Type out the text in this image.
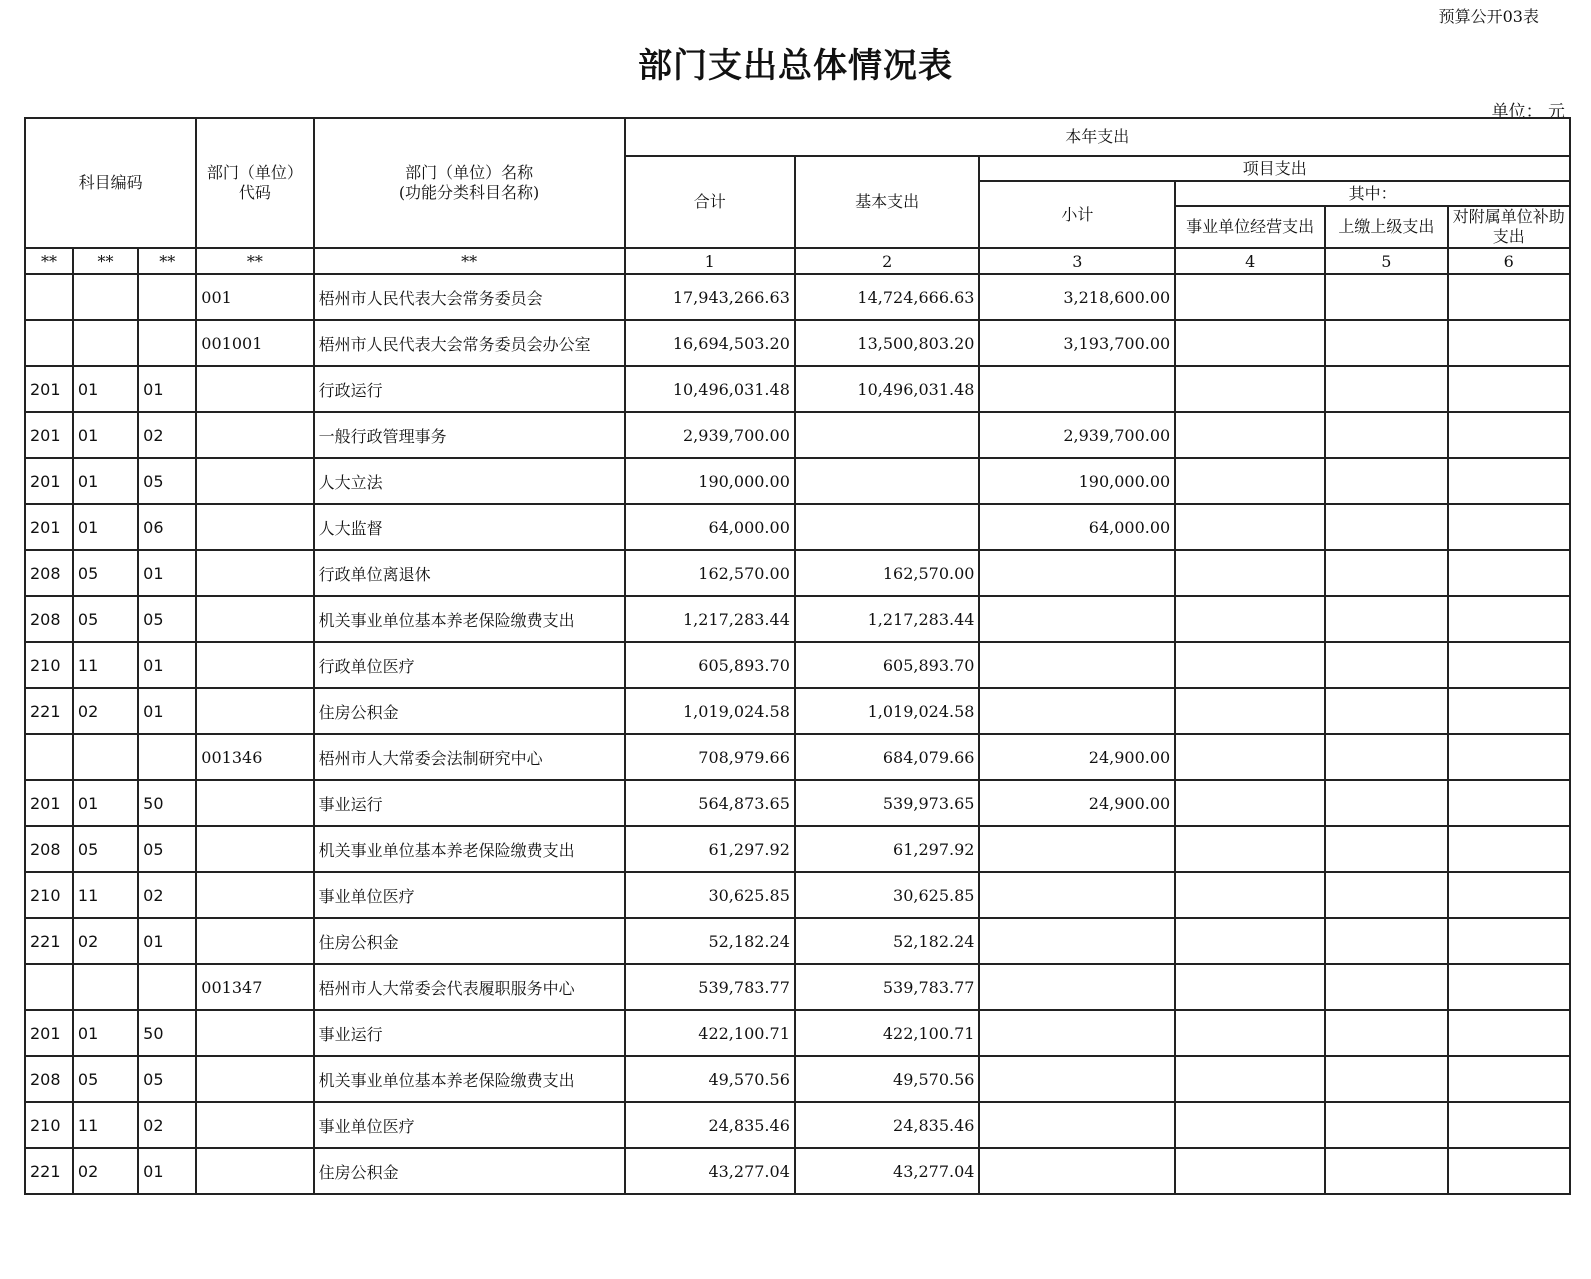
预算公开03表
部门支出总体情况表
单位： 元
科目编码			部门（单位）代码	部门（单位）名称
(功能分类科目名称)	本年支出					
					合计	基本支出	项目支出			
							小计	其中：		
								事业单位经营支出	上缴上级支出	对附属单位补助支出
**	**	**	**	**	1	2	3	4	5	6
			001	梧州市人民代表大会常务委员会	17,943,266.63	14,724,666.63	3,218,600.00			
			001001	梧州市人民代表大会常务委员会办公室	16,694,503.20	13,500,803.20	3,193,700.00			
201	01	01		行政运行	10,496,031.48	10,496,031.48				
201	01	02		一般行政管理事务	2,939,700.00		2,939,700.00			
201	01	05		人大立法	190,000.00		190,000.00			
201	01	06		人大监督	64,000.00		64,000.00			
208	05	01		行政单位离退休	162,570.00	162,570.00				
208	05	05		机关事业单位基本养老保险缴费支出	1,217,283.44	1,217,283.44				
210	11	01		行政单位医疗	605,893.70	605,893.70				
221	02	01		住房公积金	1,019,024.58	1,019,024.58				
			001346	梧州市人大常委会法制研究中心	708,979.66	684,079.66	24,900.00			
201	01	50		事业运行	564,873.65	539,973.65	24,900.00			
208	05	05		机关事业单位基本养老保险缴费支出	61,297.92	61,297.92				
210	11	02		事业单位医疗	30,625.85	30,625.85				
221	02	01		住房公积金	52,182.24	52,182.24				
			001347	梧州市人大常委会代表履职服务中心	539,783.77	539,783.77				
201	01	50		事业运行	422,100.71	422,100.71				
208	05	05		机关事业单位基本养老保险缴费支出	49,570.56	49,570.56				
210	11	02		事业单位医疗	24,835.46	24,835.46				
221	02	01		住房公积金	43,277.04	43,277.04				
